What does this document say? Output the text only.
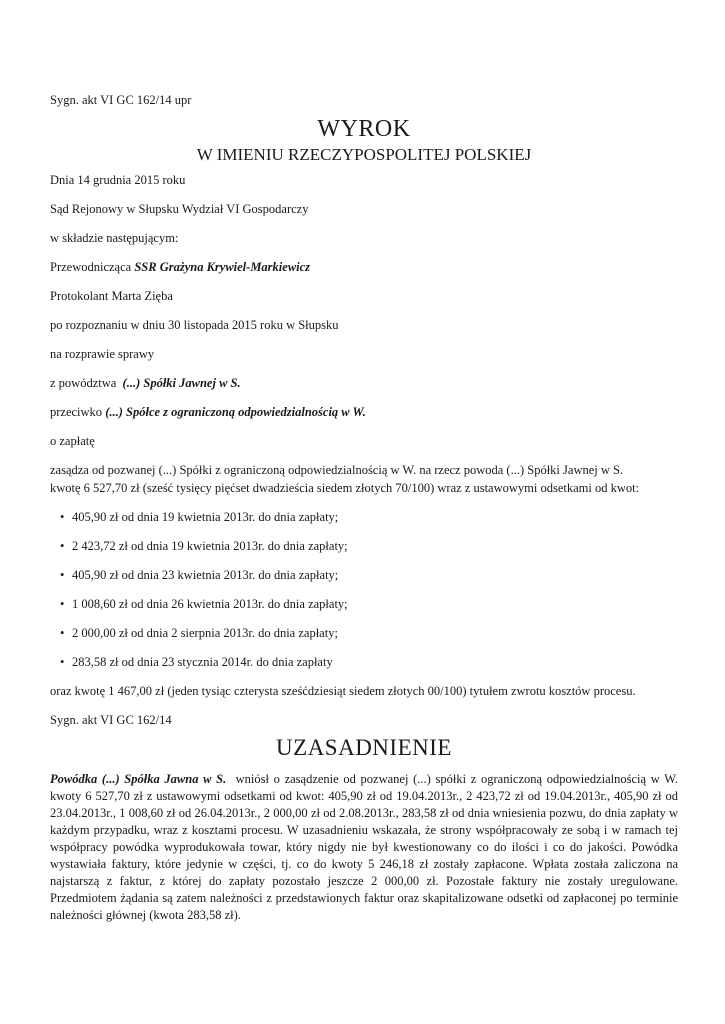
Sygn. akt VI GC 162/14 upr
WYROK
W IMIENIU RZECZYPOSPOLITEJ POLSKIEJ
Dnia 14 grudnia 2015 roku
Sąd Rejonowy w Słupsku Wydział VI Gospodarczy
w składzie następującym:
Przewodnicząca SSR Grażyna Krywiel-Markiewicz
Protokolant Marta Zięba
po rozpoznaniu w dniu 30 listopada 2015 roku w Słupsku
na rozprawie sprawy
z powództwa (...) Spółki Jawnej w S.
przeciwko (...) Spółce z ograniczoną odpowiedzialnością w W.
o zapłatę
zasądza od pozwanej (...) Spółki z ograniczoną odpowiedzialnością w W. na rzecz powoda (...) Spółki Jawnej w S.
kwotę 6 527,70 zł (sześć tysięcy pięćset dwadzieścia siedem złotych 70/100) wraz z ustawowymi odsetkami od kwot:
• 405,90 zł od dnia 19 kwietnia 2013r. do dnia zapłaty;
• 2 423,72 zł od dnia 19 kwietnia 2013r. do dnia zapłaty;
• 405,90 zł od dnia 23 kwietnia 2013r. do dnia zapłaty;
• 1 008,60 zł od dnia 26 kwietnia 2013r. do dnia zapłaty;
• 2 000,00 zł od dnia 2 sierpnia 2013r. do dnia zapłaty;
• 283,58 zł od dnia 23 stycznia 2014r. do dnia zapłaty
oraz kwotę 1 467,00 zł (jeden tysiąc czterysta sześćdziesiąt siedem złotych 00/100) tytułem zwrotu kosztów procesu.
Sygn. akt VI GC 162/14
UZASADNIENIE
Powódka (...) Spółka Jawna w S. wniósł o zasądzenie od pozwanej (...) spółki z ograniczoną odpowiedzialnością w W. kwoty 6 527,70 zł z ustawowymi odsetkami od kwot: 405,90 zł od 19.04.2013r., 2 423,72 zł od 19.04.2013r., 405,90 zł od 23.04.2013r., 1 008,60 zł od 26.04.2013r., 2 000,00 zł od 2.08.2013r., 283,58 zł od dnia wniesienia pozwu, do dnia zapłaty w każdym przypadku, wraz z kosztami procesu. W uzasadnieniu wskazała, że strony współpracowały ze sobą i w ramach tej współpracy powódka wyprodukowała towar, który nigdy nie był kwestionowany co do ilości i co do jakości. Powódka wystawiała faktury, które jedynie w części, tj. co do kwoty 5 246,18 zł zostały zapłacone. Wpłata została zaliczona na najstarszą z faktur, z której do zapłaty pozostało jeszcze 2 000,00 zł. Pozostałe faktury nie zostały uregulowane. Przedmiotem żądania są zatem należności z przedstawionych faktur oraz skapitalizowane odsetki od zapłaconej po terminie należności głównej (kwota 283,58 zł).
